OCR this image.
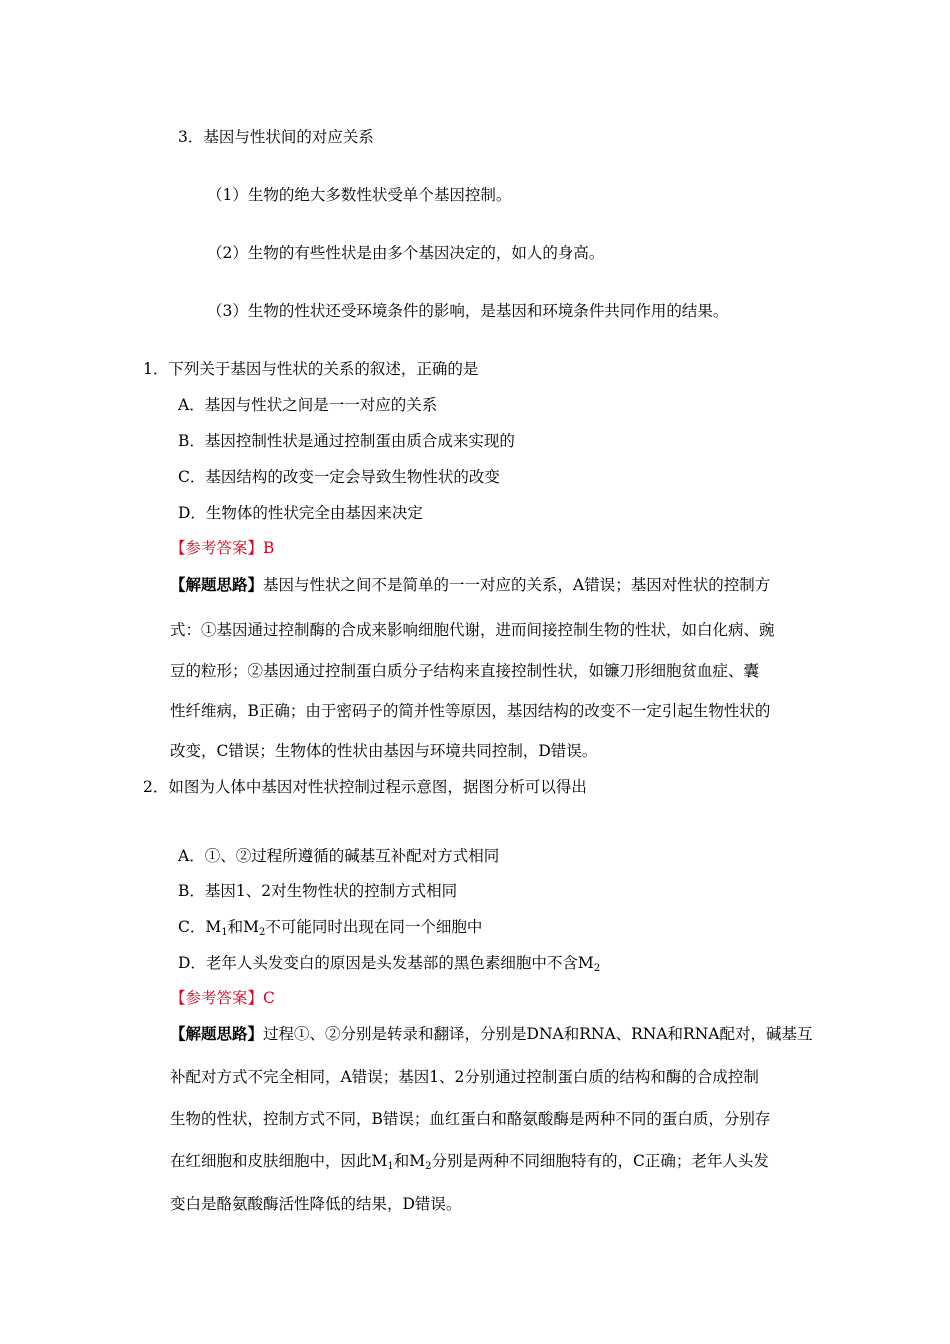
3．基因与性状间的对应关系
（1）生物的绝大多数性状受单个基因控制。
（2）生物的有些性状是由多个基因决定的，如人的身高。
（3）生物的性状还受环境条件的影响，是基因和环境条件共同作用的结果。
1．下列关于基因与性状的关系的叙述，正确的是
A．基因与性状之间是一一对应的关系
B．基因控制性状是通过控制蛋由质合成来实现的
C．基因结构的改变一定会导致生物性状的改变
D．生物体的性状完全由基因来决定
【参考答案】B
【解题思路】基因与性状之间不是简单的一一对应的关系，A错误；基因对性状的控制方
式：①基因通过控制酶的合成来影响细胞代谢，进而间接控制生物的性状，如白化病、豌
豆的粒形；②基因通过控制蛋白质分子结构来直接控制性状，如镰刀形细胞贫血症、囊
性纤维病，B正确；由于密码子的简并性等原因，基因结构的改变不一定引起生物性状的
改变，C错误；生物体的性状由基因与环境共同控制，D错误。
2．如图为人体中基因对性状控制过程示意图，据图分析可以得出
A．①、②过程所遵循的碱基互补配对方式相同
B．基因1、2对生物性状的控制方式相同
C．$M_1$和$M_2$不可能同时出现在同一个细胞中
D．老年人头发变白的原因是头发基部的黑色素细胞中不含$M_2$
【参考答案】C
【解题思路】过程①、②分别是转录和翻译，分别是DNA和RNA、RNA和RNA配对，碱基互
补配对方式不完全相同，A错误；基因1、2分别通过控制蛋白质的结构和酶的合成控制
生物的性状，控制方式不同，B错误；血红蛋白和酪氨酸酶是两种不同的蛋白质，分别存
在红细胞和皮肤细胞中，因此$M_1$和$M_2$分别是两种不同细胞特有的，C正确；老年人头发
变白是酪氨酸酶活性降低的结果，D错误。
